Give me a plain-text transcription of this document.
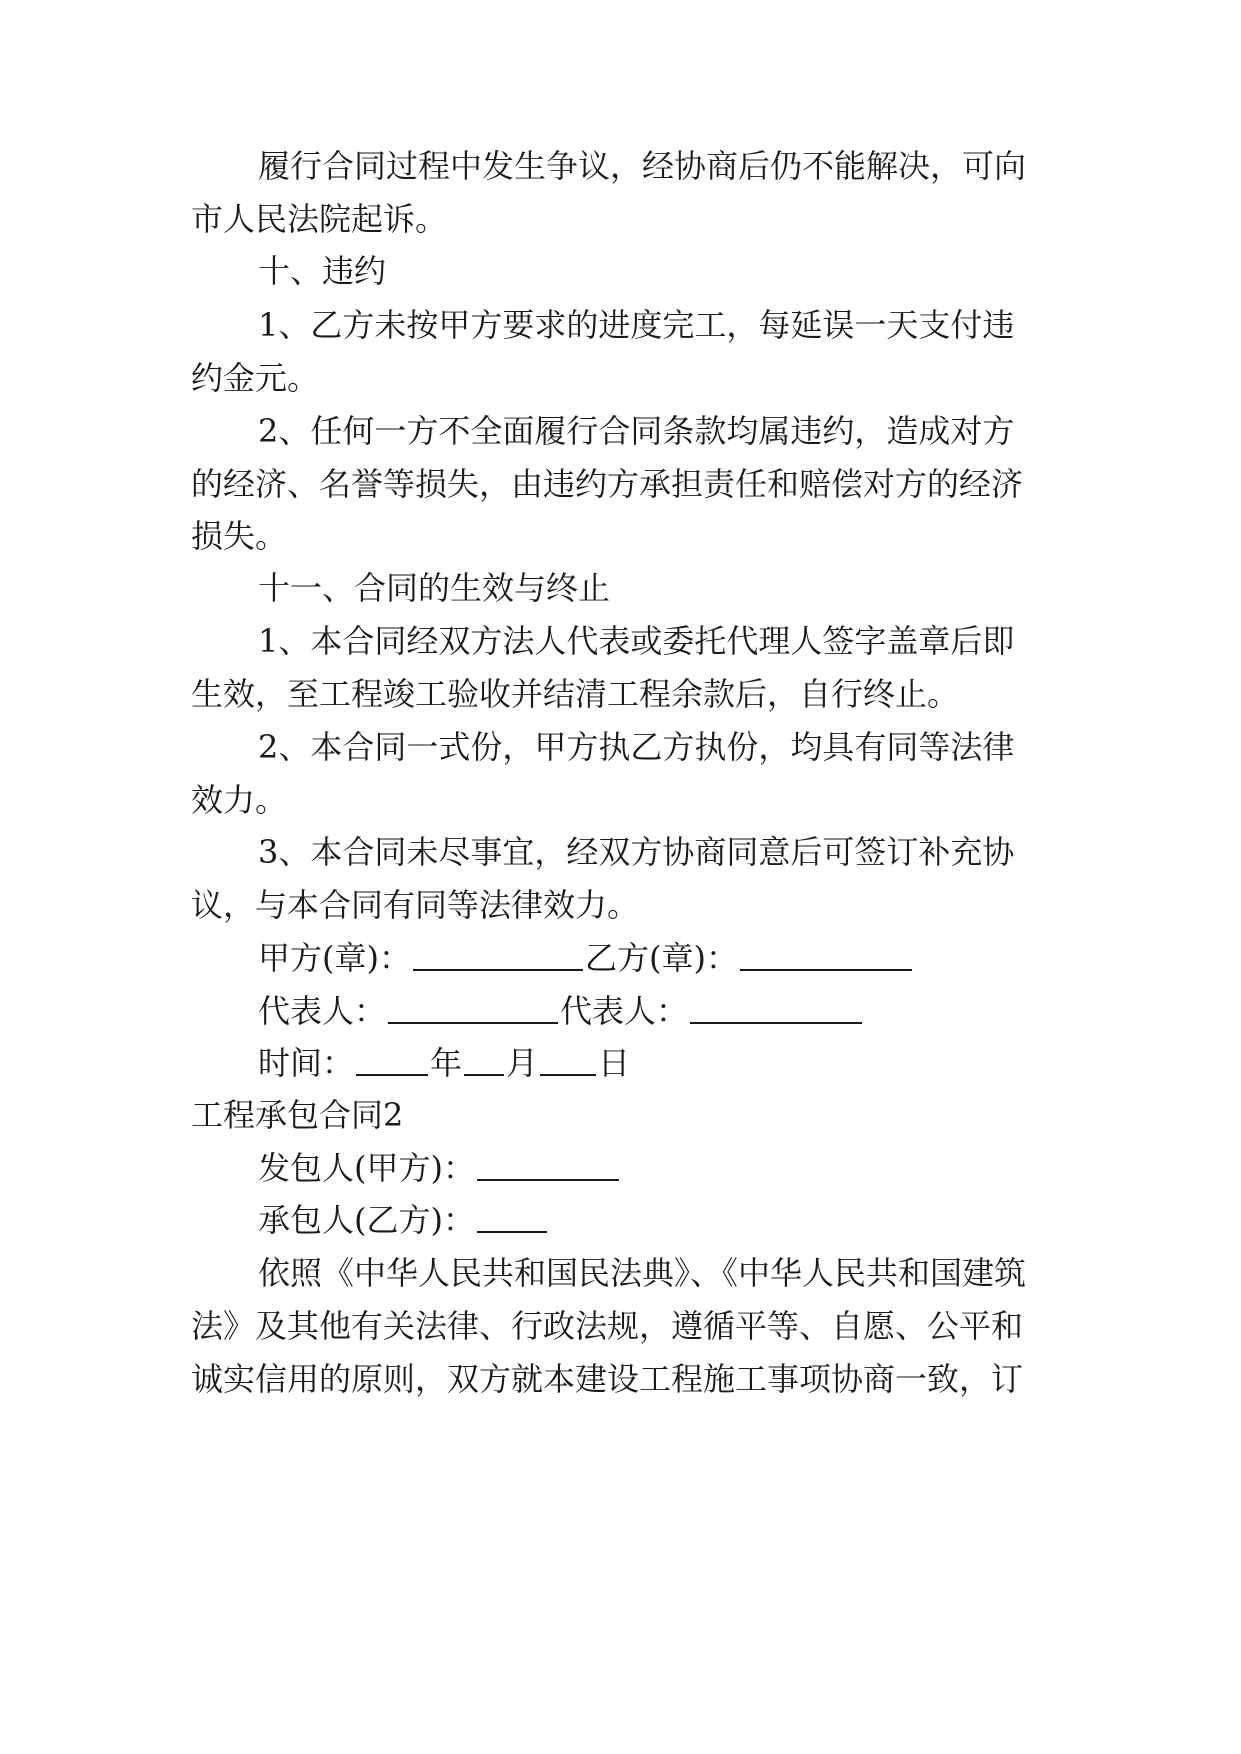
履行合同过程中发生争议，经协商后仍不能解决，可向
市人民法院起诉。
十、违约
1、乙方未按甲方要求的进度完工，每延误一天支付违
约金元。
2、任何一方不全面履行合同条款均属违约，造成对方
的经济、名誉等损失，由违约方承担责任和赔偿对方的经济
损失。
十一、合同的生效与终止
1、本合同经双方法人代表或委托代理人签字盖章后即
生效，至工程竣工验收并结清工程余款后，自行终止。
2、本合同一式份，甲方执乙方执份，均具有同等法律
效力。
3、本合同未尽事宜，经双方协商同意后可签订补充协
议，与本合同有同等法律效力。
甲方(章)：	乙方(章)：
代表人：	代表人：
时间： 年 月 日
工程承包合同2
发包人(甲方)：
承包人(乙方)：
依照《中华人民共和国民法典》、《中华人民共和国建筑
法》及其他有关法律、行政法规，遵循平等、自愿、公平和
诚实信用的原则，双方就本建设工程施工事项协商一致，订
